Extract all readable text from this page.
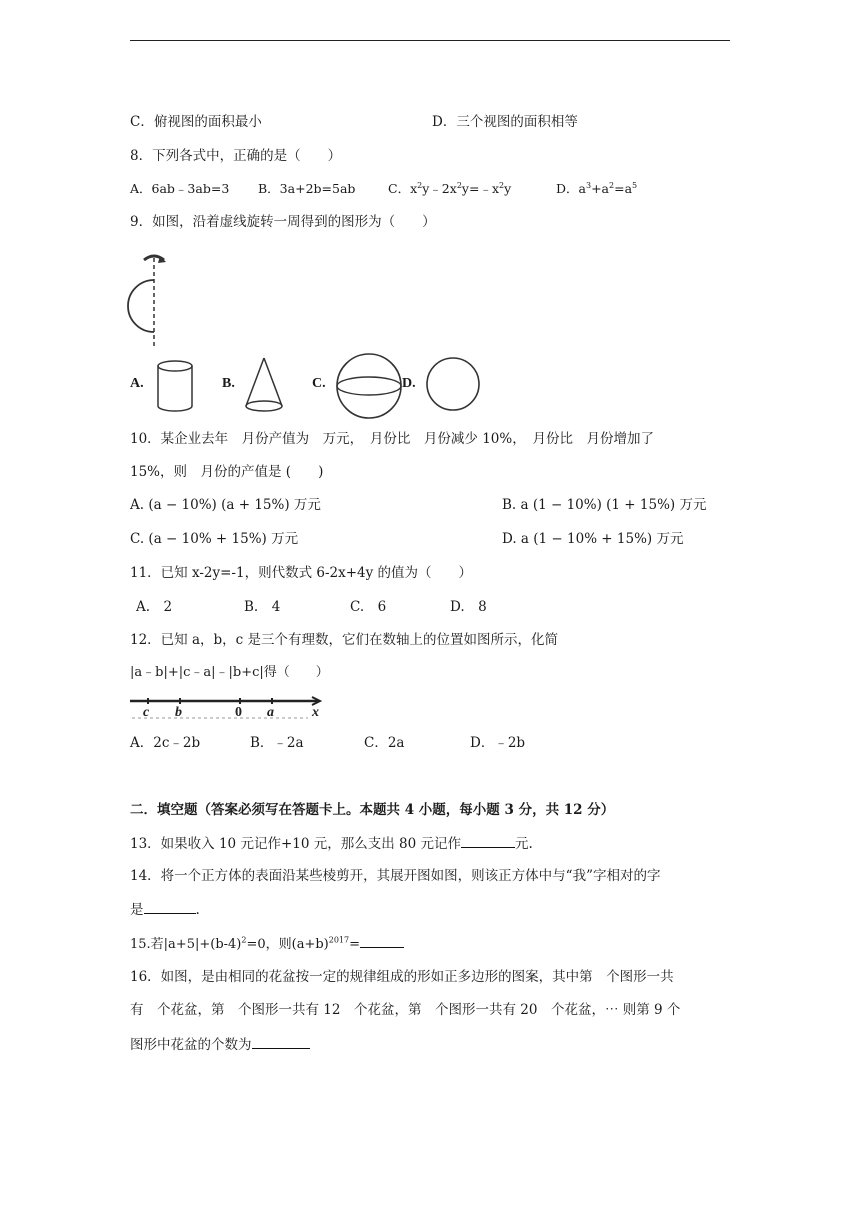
C．俯视图的面积最小	D．三个视图的面积相等
8．下列各式中，正确的是（　　）
A．6ab﹣3ab=3 B．3a+2b=5ab	C．$x^2y﹣2x^2y=﹣x^2y$	D．$a^3+a^2=a^5$
9．如图，沿着虚线旋转一周得到的图形为（　　）
A.	B.	C.	D.
10．某企业去年　月份产值为　万元，　月份比　月份减少 10%，　月份比　月份增加了
15%，则　月份的产值是 (　　)
A. (a − 10%) (a + 15%) 万元	B. a (1 − 10%) (1 + 15%) 万元
C. (a − 10% + 15%) 万元	D. a (1 − 10% + 15%) 万元
11．已知 x-2y=-1，则代数式 6-2x+4y 的值为（　　）
A.　2	B.　4	C.　6	D.　8
12．已知 a，b，c 是三个有理数，它们在数轴上的位置如图所示，化简
|a﹣b|+|c﹣a|﹣|b+c|得（　　）
c b	0 a	x
A．2c﹣2b	B．﹣2a	C．2a	D．﹣2b
二．填空题（答案必须写在答题卡上。本题共 4 小题，每小题 3 分，共 12 分）
13．如果收入 10 元记作+10 元，那么支出 80 元记作	元.
14．将一个正方体的表面沿某些棱剪开，其展开图如图，则该正方体中与“我”字相对的字
是	.
15.若$|a+5|+(b-4)^2=0$，则$(a+b)^{2017}=$
16．如图，是由相同的花盆按一定的规律组成的形如正多边形的图案，其中第　个图形一共
有　个花盆，第　个图形一共有 12　个花盆，第　个图形一共有 20　个花盆，⋯ 则第 9 个
图形中花盆的个数为
